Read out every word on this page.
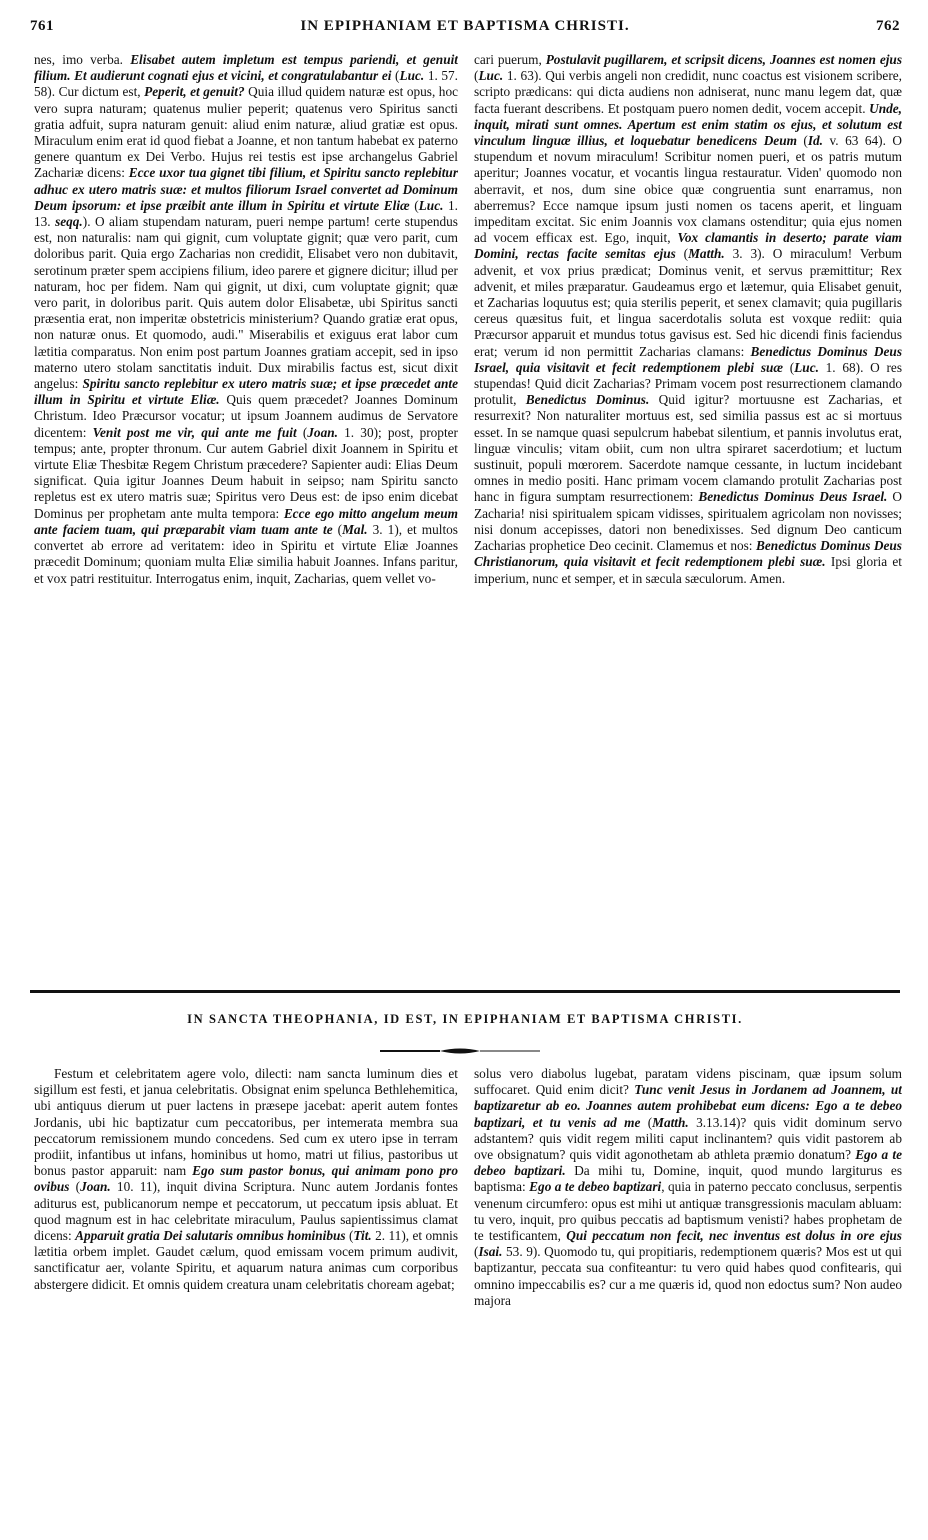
761	IN EPIPHANIAM ET BAPTISMA CHRISTI.	762

nes, imo verba. Elisabet autem impletum est tempus pariendi, et genuit filium. Et audierunt cognati ejus et vicini, et congratulabantur ei (Luc. 1. 57. 58). Cur dictum est, Peperit, et genuit? Quia illud quidem naturæ est opus, hoc vero supra naturam; quatenus mulier peperit; quatenus vero Spiritus sancti gratia adfuit, supra naturam genuit: aliud enim naturæ, aliud gratiæ est opus. Miraculum enim erat id quod fiebat a Joanne, et non tantum habebat ex paterno genere quantum ex Dei Verbo. Hujus rei testis est ipse archangelus Gabriel Zachariæ dicens: Ecce uxor tua gignet tibi filium, et Spiritu sancto replebitur adhuc ex utero matris suæ: et multos filiorum Israel convertet ad Dominum Deum ipsorum: et ipse præibit ante illum in Spiritu et virtute Eliæ (Luc. 1. 13. seqq.). O aliam stupendam naturam, pueri nempe partum! certe stupendus est, non naturalis: nam qui gignit, cum voluptate gignit; quæ vero parit, cum doloribus parit. Quia ergo Zacharias non credidit, Elisabet vero non dubitavit, serotinum præter spem accipiens filium, ideo parere et gignere dicitur; illud per naturam, hoc per fidem. Nam qui gignit, ut dixi, cum voluptate gignit; quæ vero parit, in doloribus parit. Quis autem dolor Elisabetæ, ubi Spiritus sancti præsentia erat, non imperitæ obstetricis ministerium? Quando gratiæ erat opus, non naturæ onus. Et quomodo, audi." Miserabilis et exiguus erat labor cum lætitia comparatus. Non enim post partum Joannes gratiam accepit, sed in ipso materno utero stolam sanctitatis induit. Dux mirabilis factus est, sicut dixit angelus: Spiritu sancto replebitur ex utero matris suæ; et ipse præcedet ante illum in Spiritu et virtute Eliæ. Quis quem præcedet? Joannes Dominum Christum. Ideo Præcursor vocatur; ut ipsum Joannem audimus de Servatore dicentem: Venit post me vir, qui ante me fuit (Joan. 1. 30); post, propter tempus; ante, propter thronum. Cur autem Gabriel dixit Joannem in Spiritu et virtute Eliæ Thesbitæ Regem Christum præcedere? Sapienter audi: Elias Deum significat. Quia igitur Joannes Deum habuit in seipso; nam Spiritu sancto repletus est ex utero matris suæ; Spiritus vero Deus est: de ipso enim dicebat Dominus per prophetam ante multa tempora: Ecce ego mitto angelum meum ante faciem tuam, qui præparabit viam tuam ante te (Mal. 3. 1), et multos convertet ab errore ad veritatem: ideo in Spiritu et virtute Eliæ Joannes præcedit Dominum; quoniam multa Eliæ similia habuit Joannes. Infans paritur, et vox patri restituitur. Interrogatus enim, inquit, Zacharias, quem vellet vo-

cari puerum, Postulavit pugillarem, et scripsit dicens, Joannes est nomen ejus (Luc. 1. 63). Qui verbis angeli non credidit, nunc coactus est visionem scribere, scripto prædicans: qui dicta audiens non adniserat, nunc manu legem dat, quæ facta fuerant describens. Et postquam puero nomen dedit, vocem accepit. Unde, inquit, mirati sunt omnes. Apertum est enim statim os ejus, et solutum est vinculum linguæ illius, et loquebatur benedicens Deum (Id. v. 63 64). O stupendum et novum miraculum! Scribitur nomen pueri, et os patris mutum aperitur; Joannes vocatur, et vocantis lingua restauratur. Viden' quomodo non aberravit, et nos, dum sine obice quæ congruentia sunt enarramus, non aberremus? Ecce namque ipsum justi nomen os tacens aperit, et linguam impeditam excitat. Sic enim Joannis vox clamans ostenditur; quia ejus nomen ad vocem efficax est. Ego, inquit, Vox clamantis in deserto; parate viam Domini, rectas facite semitas ejus (Matth. 3. 3). O miraculum! Verbum advenit, et vox prius prædicat; Dominus venit, et servus præmittitur; Rex advenit, et miles præparatur. Gaudeamus ergo et lætemur, quia Elisabet genuit, et Zacharias loquutus est; quia sterilis peperit, et senex clamavit; quia pugillaris cereus quæsitus fuit, et lingua sacerdotalis soluta est voxque rediit: quia Præcursor apparuit et mundus totus gavisus est. Sed hic dicendi finis faciendus erat; verum id non permittit Zacharias clamans: Benedictus Dominus Deus Israel, quia visitavit et fecit redemptionem plebi suæ (Luc. 1. 68). O res stupendas! Quid dicit Zacharias? Primam vocem post resurrectionem clamando protulit, Benedictus Dominus. Quid igitur? mortuusne est Zacharias, et resurrexit? Non naturaliter mortuus est, sed similia passus est ac si mortuus esset. In se namque quasi sepulcrum habebat silentium, et pannis involutus erat, linguæ vinculis; vitam obiit, cum non ultra spiraret sacerdotium; et luctum sustinuit, populi mœrorem. Sacerdote namque cessante, in luctum incidebant omnes in medio positi. Hanc primam vocem clamando protulit Zacharias post hanc in figura sumptam resurrectionem: Benedictus Dominus Deus Israel. O Zacharia! nisi spiritualem spicam vidisses, spiritualem agricolam non novisses; nisi donum accepisses, datori non benedixisses. Sed dignum Deo canticum Zacharias prophetice Deo cecinit. Clamemus et nos: Benedictus Dominus Deus Christianorum, quia visitavit et fecit redemptionem plebi suæ. Ipsi gloria et imperium, nunc et semper, et in sæcula sæculorum. Amen.

IN SANCTA THEOPHANIA, ID EST, IN EPIPHANIAM ET BAPTISMA CHRISTI.

Festum et celebritatem agere volo, dilecti: nam sancta luminum dies et sigillum est festi, et janua celebritatis. Obsignat enim spelunca Bethlehemitica, ubi antiquus dierum ut puer lactens in præsepe jacebat: aperit autem fontes Jordanis, ubi hic baptizatur cum peccatoribus, per intemerata membra sua peccatorum remissionem mundo concedens. Sed cum ex utero ipse in terram prodiit, infantibus ut infans, hominibus ut homo, matri ut filius, pastoribus ut bonus pastor apparuit: nam Ego sum pastor bonus, qui animam pono pro ovibus (Joan. 10. 11), inquit divina Scriptura. Nunc autem Jordanis fontes aditurus est, publicanorum nempe et peccatorum, ut peccatum ipsis abluat. Et quod magnum est in hac celebritate miraculum, Paulus sapientissimus clamat dicens: Apparuit gratia Dei salutaris omnibus hominibus (Tit. 2. 11), et omnis lætitia orbem implet. Gaudet cælum, quod emissam vocem primum audivit, sanctificatur aer, volante Spiritu, et aquarum natura animas cum corporibus abstergere didicit. Et omnis quidem creatura unam celebritatis choream agebat;

solus vero diabolus lugebat, paratam videns piscinam, quæ ipsum solum suffocaret. Quid enim dicit? Tunc venit Jesus in Jordanem ad Joannem, ut baptizaretur ab eo. Joannes autem prohibebat eum dicens: Ego a te debeo baptizari, et tu venis ad me (Matth. 3.13.14)? quis vidit dominum servo adstantem? quis vidit regem militi caput inclinantem? quis vidit pastorem ab ove obsignatum? quis vidit agonothetam ab athleta præmio donatum? Ego a te debeo baptizari. Da mihi tu, Domine, inquit, quod mundo largiturus es baptisma: Ego a te debeo baptizari, quia in paterno peccato conclusus, serpentis venenum circumfero: opus est mihi ut antiquæ transgressionis maculam abluam: tu vero, inquit, pro quibus peccatis ad baptismum venisti? habes prophetam de te testificantem, Qui peccatum non fecit, nec inventus est dolus in ore ejus (Isai. 53. 9). Quomodo tu, qui propitiaris, redemptionem quæris? Mos est ut qui baptizantur, peccata sua confiteantur: tu vero quid habes quod confitearis, qui omnino impeccabilis es? cur a me quæris id, quod non edoctus sum? Non audeo majora
